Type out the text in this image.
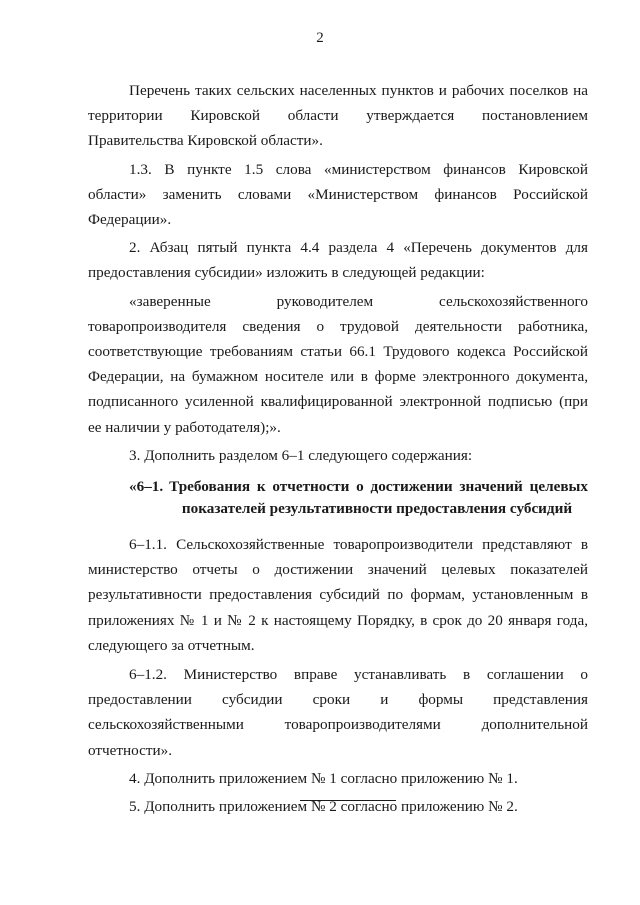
2

Перечень таких сельских населенных пунктов и рабочих поселков на территории Кировской области утверждается постановлением Правительства Кировской области».

1.3. В пункте 1.5 слова «министерством финансов Кировской области» заменить словами «Министерством финансов Российской Федерации».

2. Абзац пятый пункта 4.4 раздела 4 «Перечень документов для предоставления субсидии» изложить в следующей редакции:

«заверенные руководителем сельскохозяйственного товаропроизводителя сведения о трудовой деятельности работника, соответствующие требованиям статьи 66.1 Трудового кодекса Российской Федерации, на бумажном носителе или в форме электронного документа, подписанного усиленной квалифицированной электронной подписью (при ее наличии у работодателя);».

3. Дополнить разделом 6–1 следующего содержания:

«6–1. Требования к отчетности о достижении значений целевых
показателей результативности предоставления субсидий

6–1.1. Сельскохозяйственные товаропроизводители представляют в министерство отчеты о достижении значений целевых показателей результативности предоставления субсидий по формам, установленным в приложениях № 1 и № 2 к настоящему Порядку, в срок до 20 января года, следующего за отчетным.

6–1.2. Министерство вправе устанавливать в соглашении о предоставлении субсидии сроки и формы представления сельскохозяйственными товаропроизводителями дополнительной отчетности».

4. Дополнить приложением № 1 согласно приложению № 1.

5. Дополнить приложением № 2 согласно приложению № 2.
